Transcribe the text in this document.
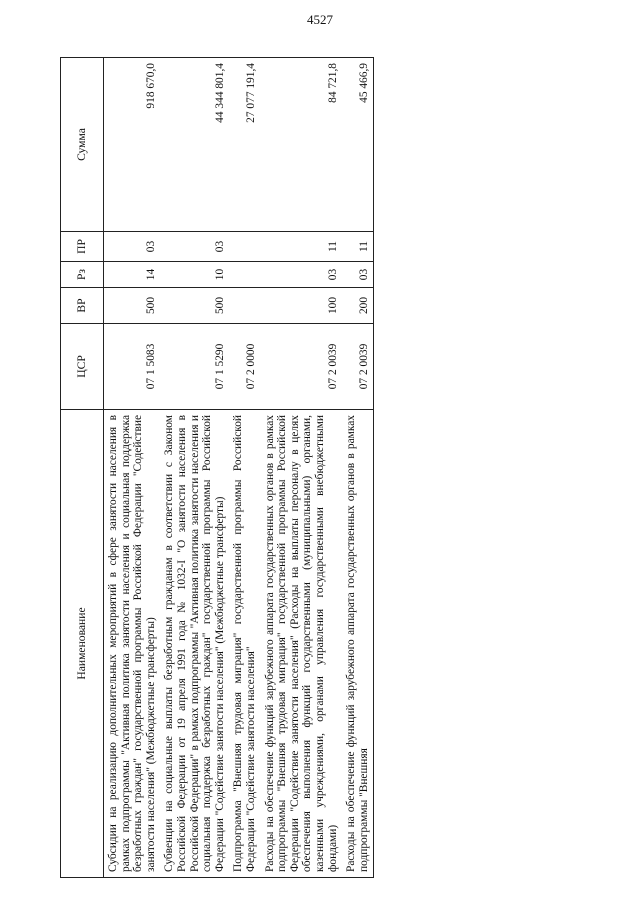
4527
Наименование	ЦСР	ВР	Рз	ПР	Сумма
Субсидии на реализацию дополнительных мероприятий в сфере занятости населения в рамках подпрограммы "Активная политика занятости населения и социальная поддержка безработных граждан" государственной программы Российской Федерации "Содействие занятости населения" (Межбюджетные трансферты)	07 1 5083	500	14	03	918 670,0
Субвенции на социальные выплаты безработным гражданам в соответствии с Законом Российской Федерации от 19 апреля 1991 года № 1032-I "О занятости населения в Российской Федерации" в рамках подпрограммы "Активная политика занятости населения и социальная поддержка безработных граждан" государственной программы Российской Федерации "Содействие занятости населения" (Межбюджетные трансферты)	07 1 5290	500	10	03	44 344 801,4
Подпрограмма "Внешняя трудовая миграция" государственной программы Российской Федерации "Содействие занятости населения"	07 2 0000				27 077 191,4
Расходы на обеспечение функций зарубежного аппарата государственных органов в рамках подпрограммы "Внешняя трудовая миграция" государственной программы Российской Федерации "Содействие занятости населения" (Расходы на выплаты персоналу в целях обеспечения выполнения функций государственными (муниципальными) органами, казенными учреждениями, органами управления государственными внебюджетными фондами)	07 2 0039	100	03	11	84 721,8
Расходы на обеспечение функций зарубежного аппарата государственных органов в рамках подпрограммы "Внешняя	07 2 0039	200	03	11	45 466,9
